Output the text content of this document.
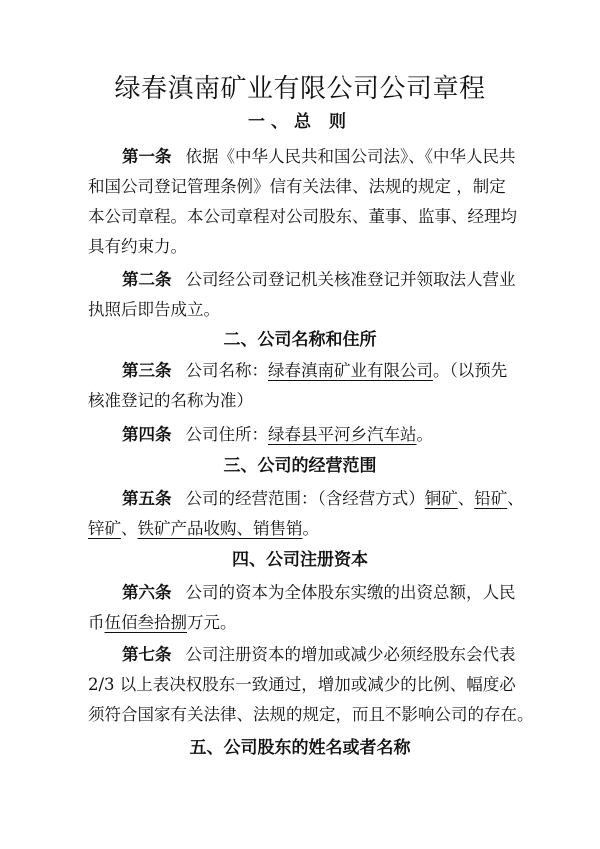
绿春滇南矿业有限公司公司章程
一、总 则
第一条 依据《中华人民共和国公司法》、《中华人民共
和国公司登记管理条例》信有关法律、法规的规定 ，制定
本公司章程。本公司章程对公司股东、董事、监事、经理均
具有约束力。
第二条 公司经公司登记机关核准登记并领取法人营业
执照后即告成立。
二、公司名称和住所
第三条 公司名称：绿春滇南矿业有限公司。（以预先
核准登记的名称为准）
第四条 公司住所：绿春县平河乡汽车站。
三、公司的经营范围
第五条 公司的经营范围：（含经营方式）铜矿、铅矿、
锌矿、铁矿产品收购、销售销。
四、公司注册资本
第六条 公司的资本为全体股东实缴的出资总额，人民
币伍佰叁拾捌万元。
第七条 公司注册资本的增加或减少必须经股东会代表
2/3 以上表决权股东一致通过，增加或减少的比例、幅度必
须符合国家有关法律、法规的规定，而且不影响公司的存在。
五、公司股东的姓名或者名称
